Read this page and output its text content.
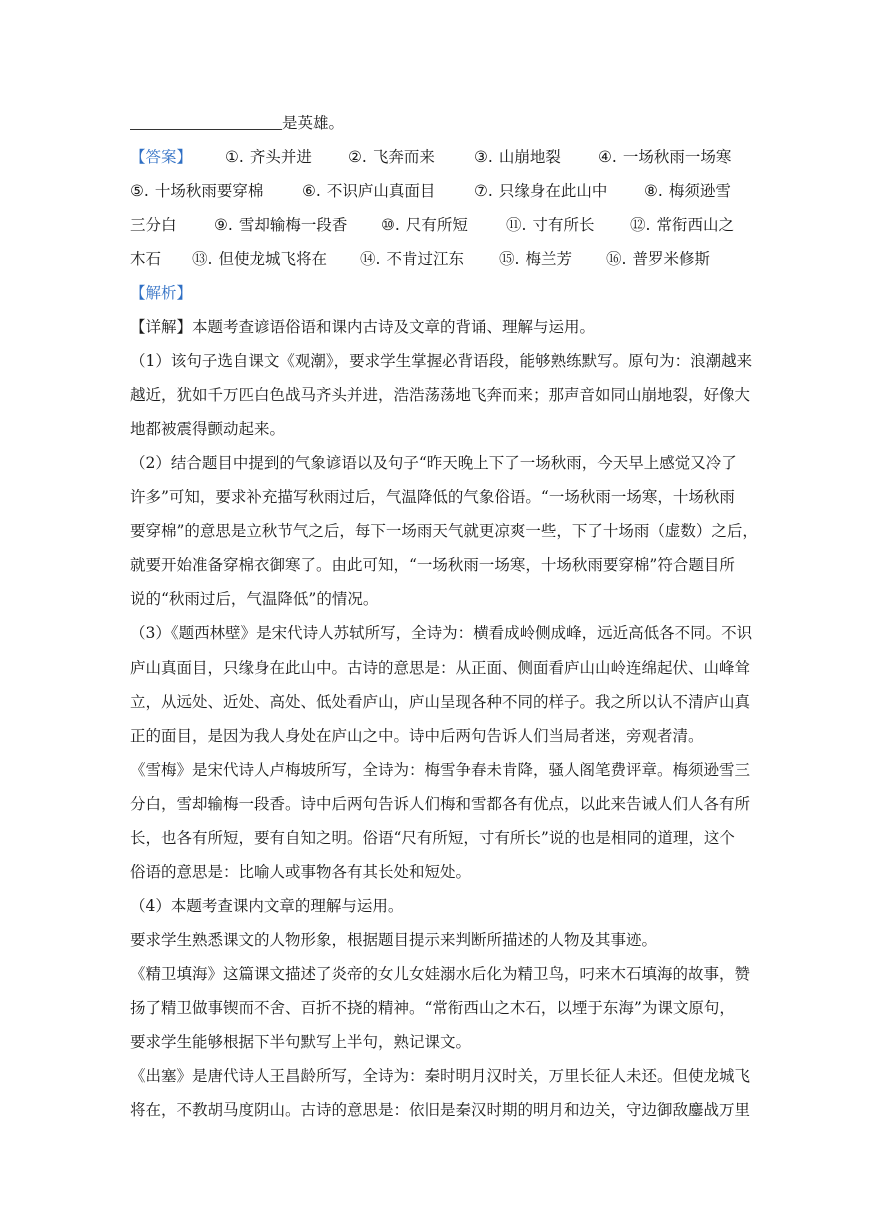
是英雄。
【答案】 ①. 齐头并进 ②. 飞奔而来	③. 山崩地裂 ④. 一场秋雨一场寒
⑤. 十场秋雨要穿棉 ⑥. 不识庐山真面目 ⑦. 只缘身在此山中 ⑧. 梅须逊雪
三分白 ⑨. 雪却输梅一段香 ⑩. 尺有所短 ⑪. 寸有所长 ⑫. 常衔西山之
木石 ⑬. 但使龙城飞将在 ⑭. 不肯过江东 ⑮. 梅兰芳 ⑯. 普罗米修斯
【解析】
【详解】本题考查谚语俗语和课内古诗及文章的背诵、理解与运用。
（1）该句子选自课文《观潮》，要求学生掌握必背语段，能够熟练默写。原句为：浪潮越来
越近，犹如千万匹白色战马齐头并进，浩浩荡荡地飞奔而来；那声音如同山崩地裂，好像大
地都被震得颤动起来。
（2）结合题目中提到的气象谚语以及句子“昨天晚上下了一场秋雨，今天早上感觉又冷了
许多”可知，要求补充描写秋雨过后，气温降低的气象俗语。“一场秋雨一场寒，十场秋雨
要穿棉”的意思是立秋节气之后，每下一场雨天气就更凉爽一些，下了十场雨（虚数）之后，
就要开始准备穿棉衣御寒了。由此可知，“一场秋雨一场寒，十场秋雨要穿棉”符合题目所
说的“秋雨过后，气温降低”的情况。
（3）《题西林壁》是宋代诗人苏轼所写，全诗为：横看成岭侧成峰，远近高低各不同。不识
庐山真面目，只缘身在此山中。古诗的意思是：从正面、侧面看庐山山岭连绵起伏、山峰耸
立，从远处、近处、高处、低处看庐山，庐山呈现各种不同的样子。我之所以认不清庐山真
正的面目，是因为我人身处在庐山之中。诗中后两句告诉人们当局者迷，旁观者清。
《雪梅》是宋代诗人卢梅坡所写，全诗为：梅雪争春未肯降，骚人阁笔费评章。梅须逊雪三
分白，雪却输梅一段香。诗中后两句告诉人们梅和雪都各有优点，以此来告诫人们人各有所
长，也各有所短，要有自知之明。俗语“尺有所短，寸有所长”说的也是相同的道理，这个
俗语的意思是：比喻人或事物各有其长处和短处。
（4）本题考查课内文章的理解与运用。
要求学生熟悉课文的人物形象，根据题目提示来判断所描述的人物及其事迹。
《精卫填海》这篇课文描述了炎帝的女儿女娃溺水后化为精卫鸟，叼来木石填海的故事，赞
扬了精卫做事锲而不舍、百折不挠的精神。“常衔西山之木石，以堙于东海”为课文原句，
要求学生能够根据下半句默写上半句，熟记课文。
《出塞》是唐代诗人王昌龄所写，全诗为：秦时明月汉时关，万里长征人未还。但使龙城飞
将在，不教胡马度阴山。古诗的意思是：依旧是秦汉时期的明月和边关，守边御敌鏖战万里
